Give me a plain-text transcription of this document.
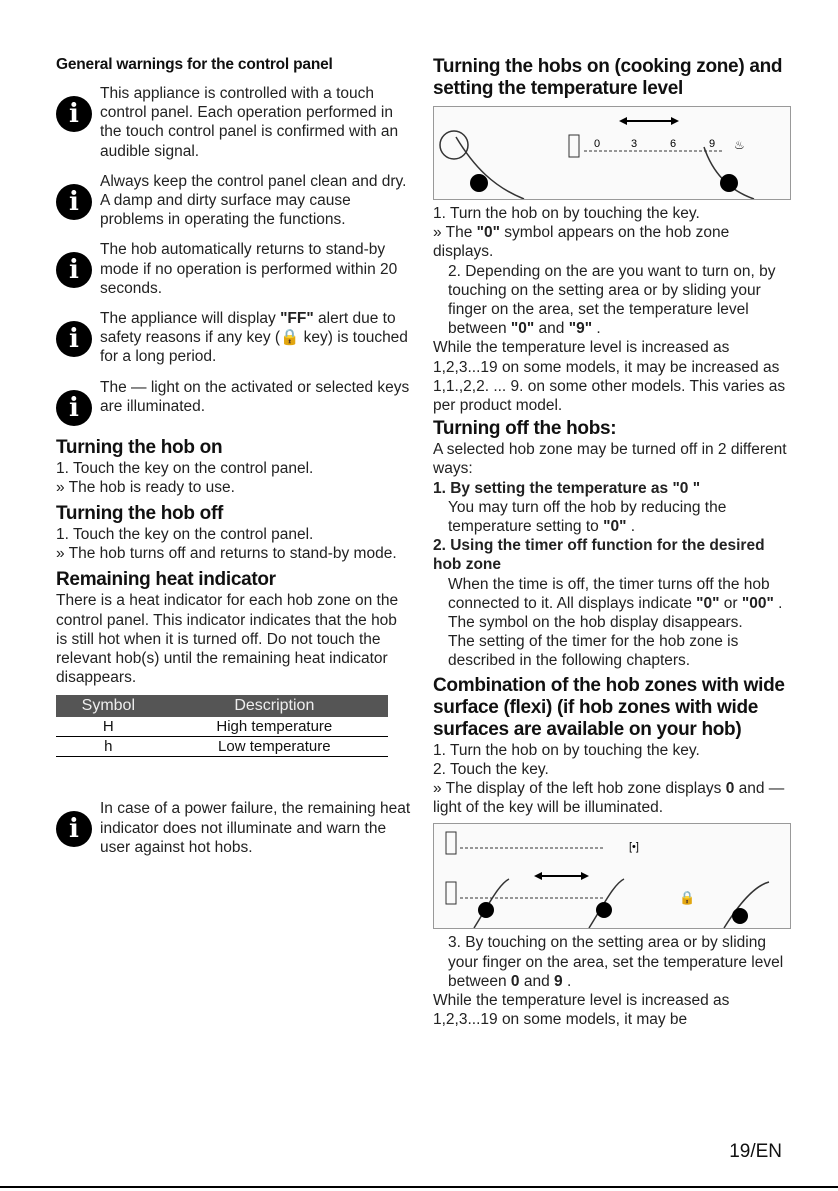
General warnings for the control panel
i

This appliance is controlled with a touch control panel. Each operation performed in the touch control panel is confirmed with an audible signal.

i

Always keep the control panel clean and dry. A damp and dirty surface may cause problems in operating the functions.

i

The hob automatically returns to stand-by mode if no operation is performed within 20 seconds.

i

The appliance will display "FF" alert due to safety reasons if any key (🔒 key) is touched for a long period.

i

The — light on the activated or selected keys are illuminated.

Turning the hob on

1. Touch the key on the control panel.

» The hob is ready to use.

Turning the hob off

1. Touch the key on the control panel.

» The hob turns off and returns to stand-by mode.

Remaining heat indicator

There is a heat indicator for each hob zone on the control panel. This indicator indicates that the hob is still hot when it is turned off. Do not touch the relevant hob(s) until the remaining heat indicator disappears.

Symbol	Description
H	High temperature
h	Low temperature
i

In case of a power failure, the remaining heat indicator does not illuminate and warn the user against hot hobs.

Turning the hobs on (cooking zone) and setting the temperature level

0	3	6	9 ♨

1. Turn the hob on by touching the key.

» The "0" symbol appears on the hob zone displays.

2. Depending on the are you want to turn on, by touching on the setting area or by sliding your finger on the area, set the temperature level between "0" and "9" .

While the temperature level is increased as 1,2,3...19 on some models, it may be increased as 1,1.,2,2. ... 9. on some other models. This varies as per product model.

Turning off the hobs:

A selected hob zone may be turned off in 2 different ways:

1. By setting the temperature as "0 "

You may turn off the hob by reducing the temperature setting to "0" .

2. Using the timer off function for the desired hob zone

When the time is off, the timer turns off the hob connected to it. All displays indicate "0" or "00" . The symbol on the hob display disappears.

The setting of the timer for the hob zone is described in the following chapters.

Combination of the hob zones with wide surface (flexi) (if hob zones with wide surfaces are available on your hob)

1. Turn the hob on by touching the key.

2. Touch the key.

» The display of the left hob zone displays 0 and — light of the key will be illuminated.

🔒
[•]

3. By touching on the setting area or by sliding your finger on the area, set the temperature level between 0 and 9 .

While the temperature level is increased as 1,2,3...19 on some models, it may be

19/EN
